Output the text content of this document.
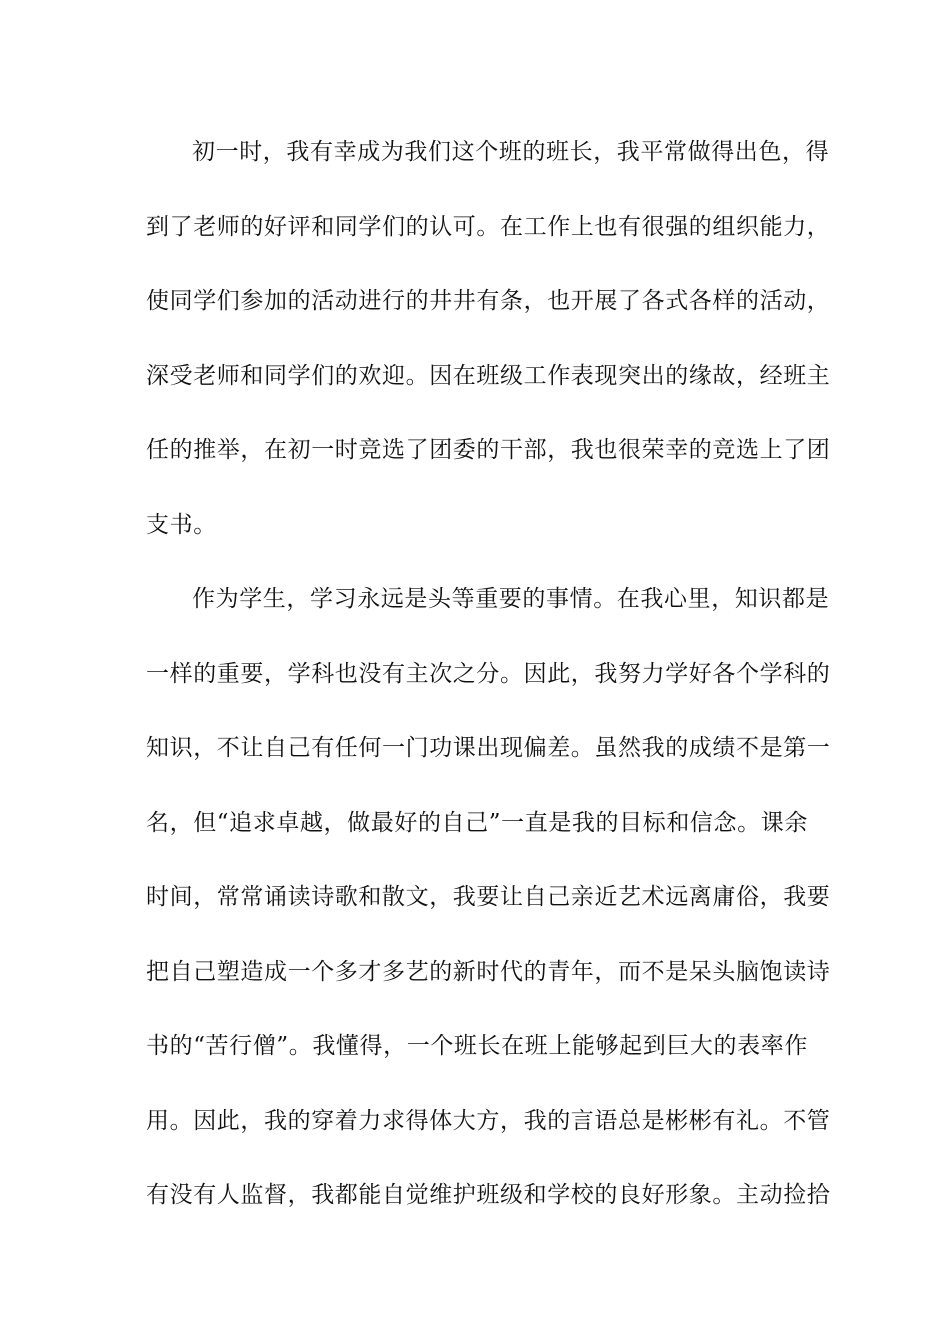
初一时，我有幸成为我们这个班的班长，我平常做得出色，得
到了老师的好评和同学们的认可。在工作上也有很强的组织能力，
使同学们参加的活动进行的井井有条，也开展了各式各样的活动，
深受老师和同学们的欢迎。因在班级工作表现突出的缘故，经班主
任的推举，在初一时竞选了团委的干部，我也很荣幸的竞选上了团
支书。
作为学生，学习永远是头等重要的事情。在我心里，知识都是
一样的重要，学科也没有主次之分。因此，我努力学好各个学科的
知识，不让自己有任何一门功课出现偏差。虽然我的成绩不是第一
名，但“追求卓越，做最好的自己”一直是我的目标和信念。课余
时间，常常诵读诗歌和散文，我要让自己亲近艺术远离庸俗，我要
把自己塑造成一个多才多艺的新时代的青年，而不是呆头脑饱读诗
书的“苦行僧”。我懂得，一个班长在班上能够起到巨大的表率作
用。因此，我的穿着力求得体大方，我的言语总是彬彬有礼。不管
有没有人监督，我都能自觉维护班级和学校的良好形象。主动捡拾
